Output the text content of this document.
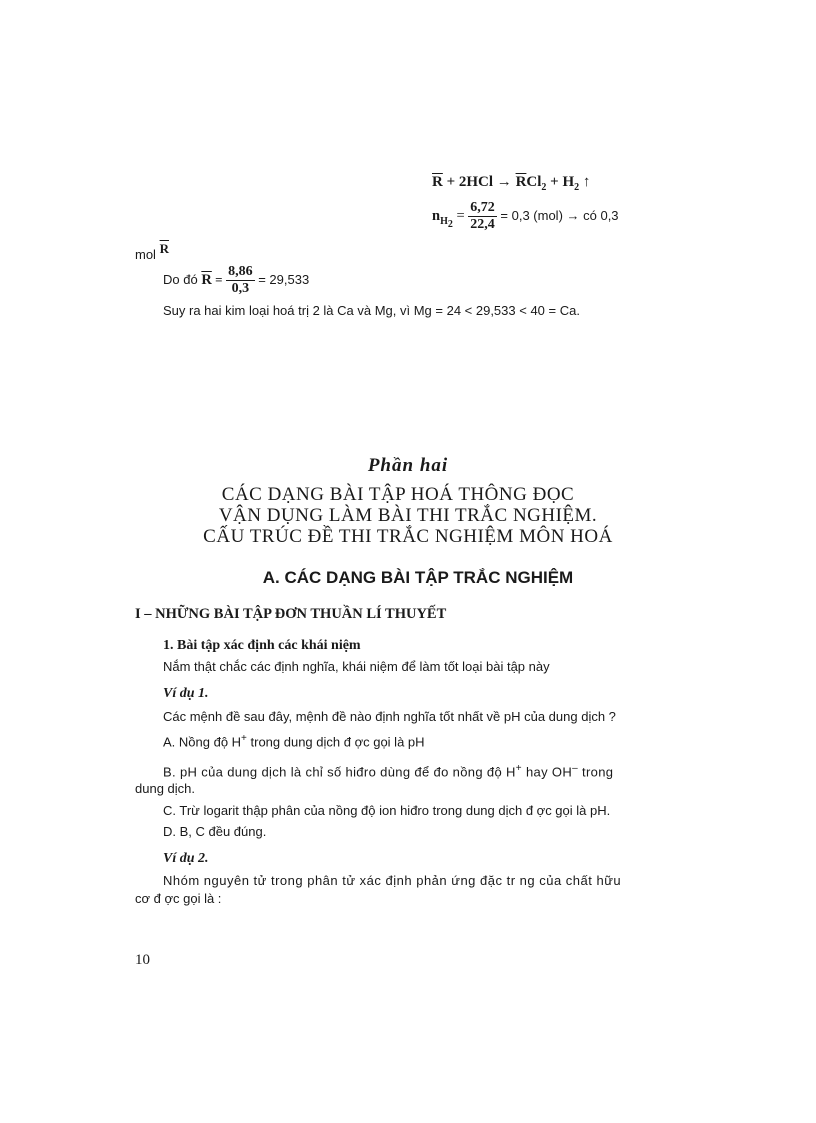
$\overline{R} + 2HCl \to \overline{R}Cl_2 + H_2$ ↑
$n_{H_2} = \frac{6,72}{22,4} = 0,3$ (mol) → có 0,3
mol $\overline{R}$
Do đó $\overline{R} = \frac{8,86}{0,3} = 29,533$
Suy ra hai kim loại hoá trị 2 là Ca và Mg, vì Mg = 24 < 29,533 < 40 = Ca.
Phần hai
CÁC DẠNG BÀI TẬP HOÁ THÔNG ĐỌC
VẬN DỤNG LÀM BÀI THI TRẮC NGHIỆM.
CẤU TRÚC ĐỀ THI TRẮC NGHIỆM MÔN HOÁ
A. CÁC DẠNG BÀI TẬP TRẮC NGHIỆM
I – NHỮNG BÀI TẬP ĐƠN THUẦN LÍ THUYẾT
1. Bài tập xác định các khái niệm
Nắm thật chắc các định nghĩa, khái niệm để làm tốt loại bài tập này
Ví dụ 1.
Các mệnh đề sau đây, mệnh đề nào định nghĩa tốt nhất về pH của dung dịch ?
A. Nồng độ H+ trong dung dịch đ ợc gọi là pH
B. pH của dung dịch là chỉ số hiđro dùng để đo nồng độ H+ hay OH– trong
dung dịch.
C. Trừ logarit thập phân của nồng độ ion hiđro trong dung dịch đ ợc gọi là pH.
D. B, C đều đúng.
Ví dụ 2.
Nhóm nguyên tử trong phân tử xác định phản ứng đặc tr ng của chất hữu
cơ đ ợc gọi là :
10
